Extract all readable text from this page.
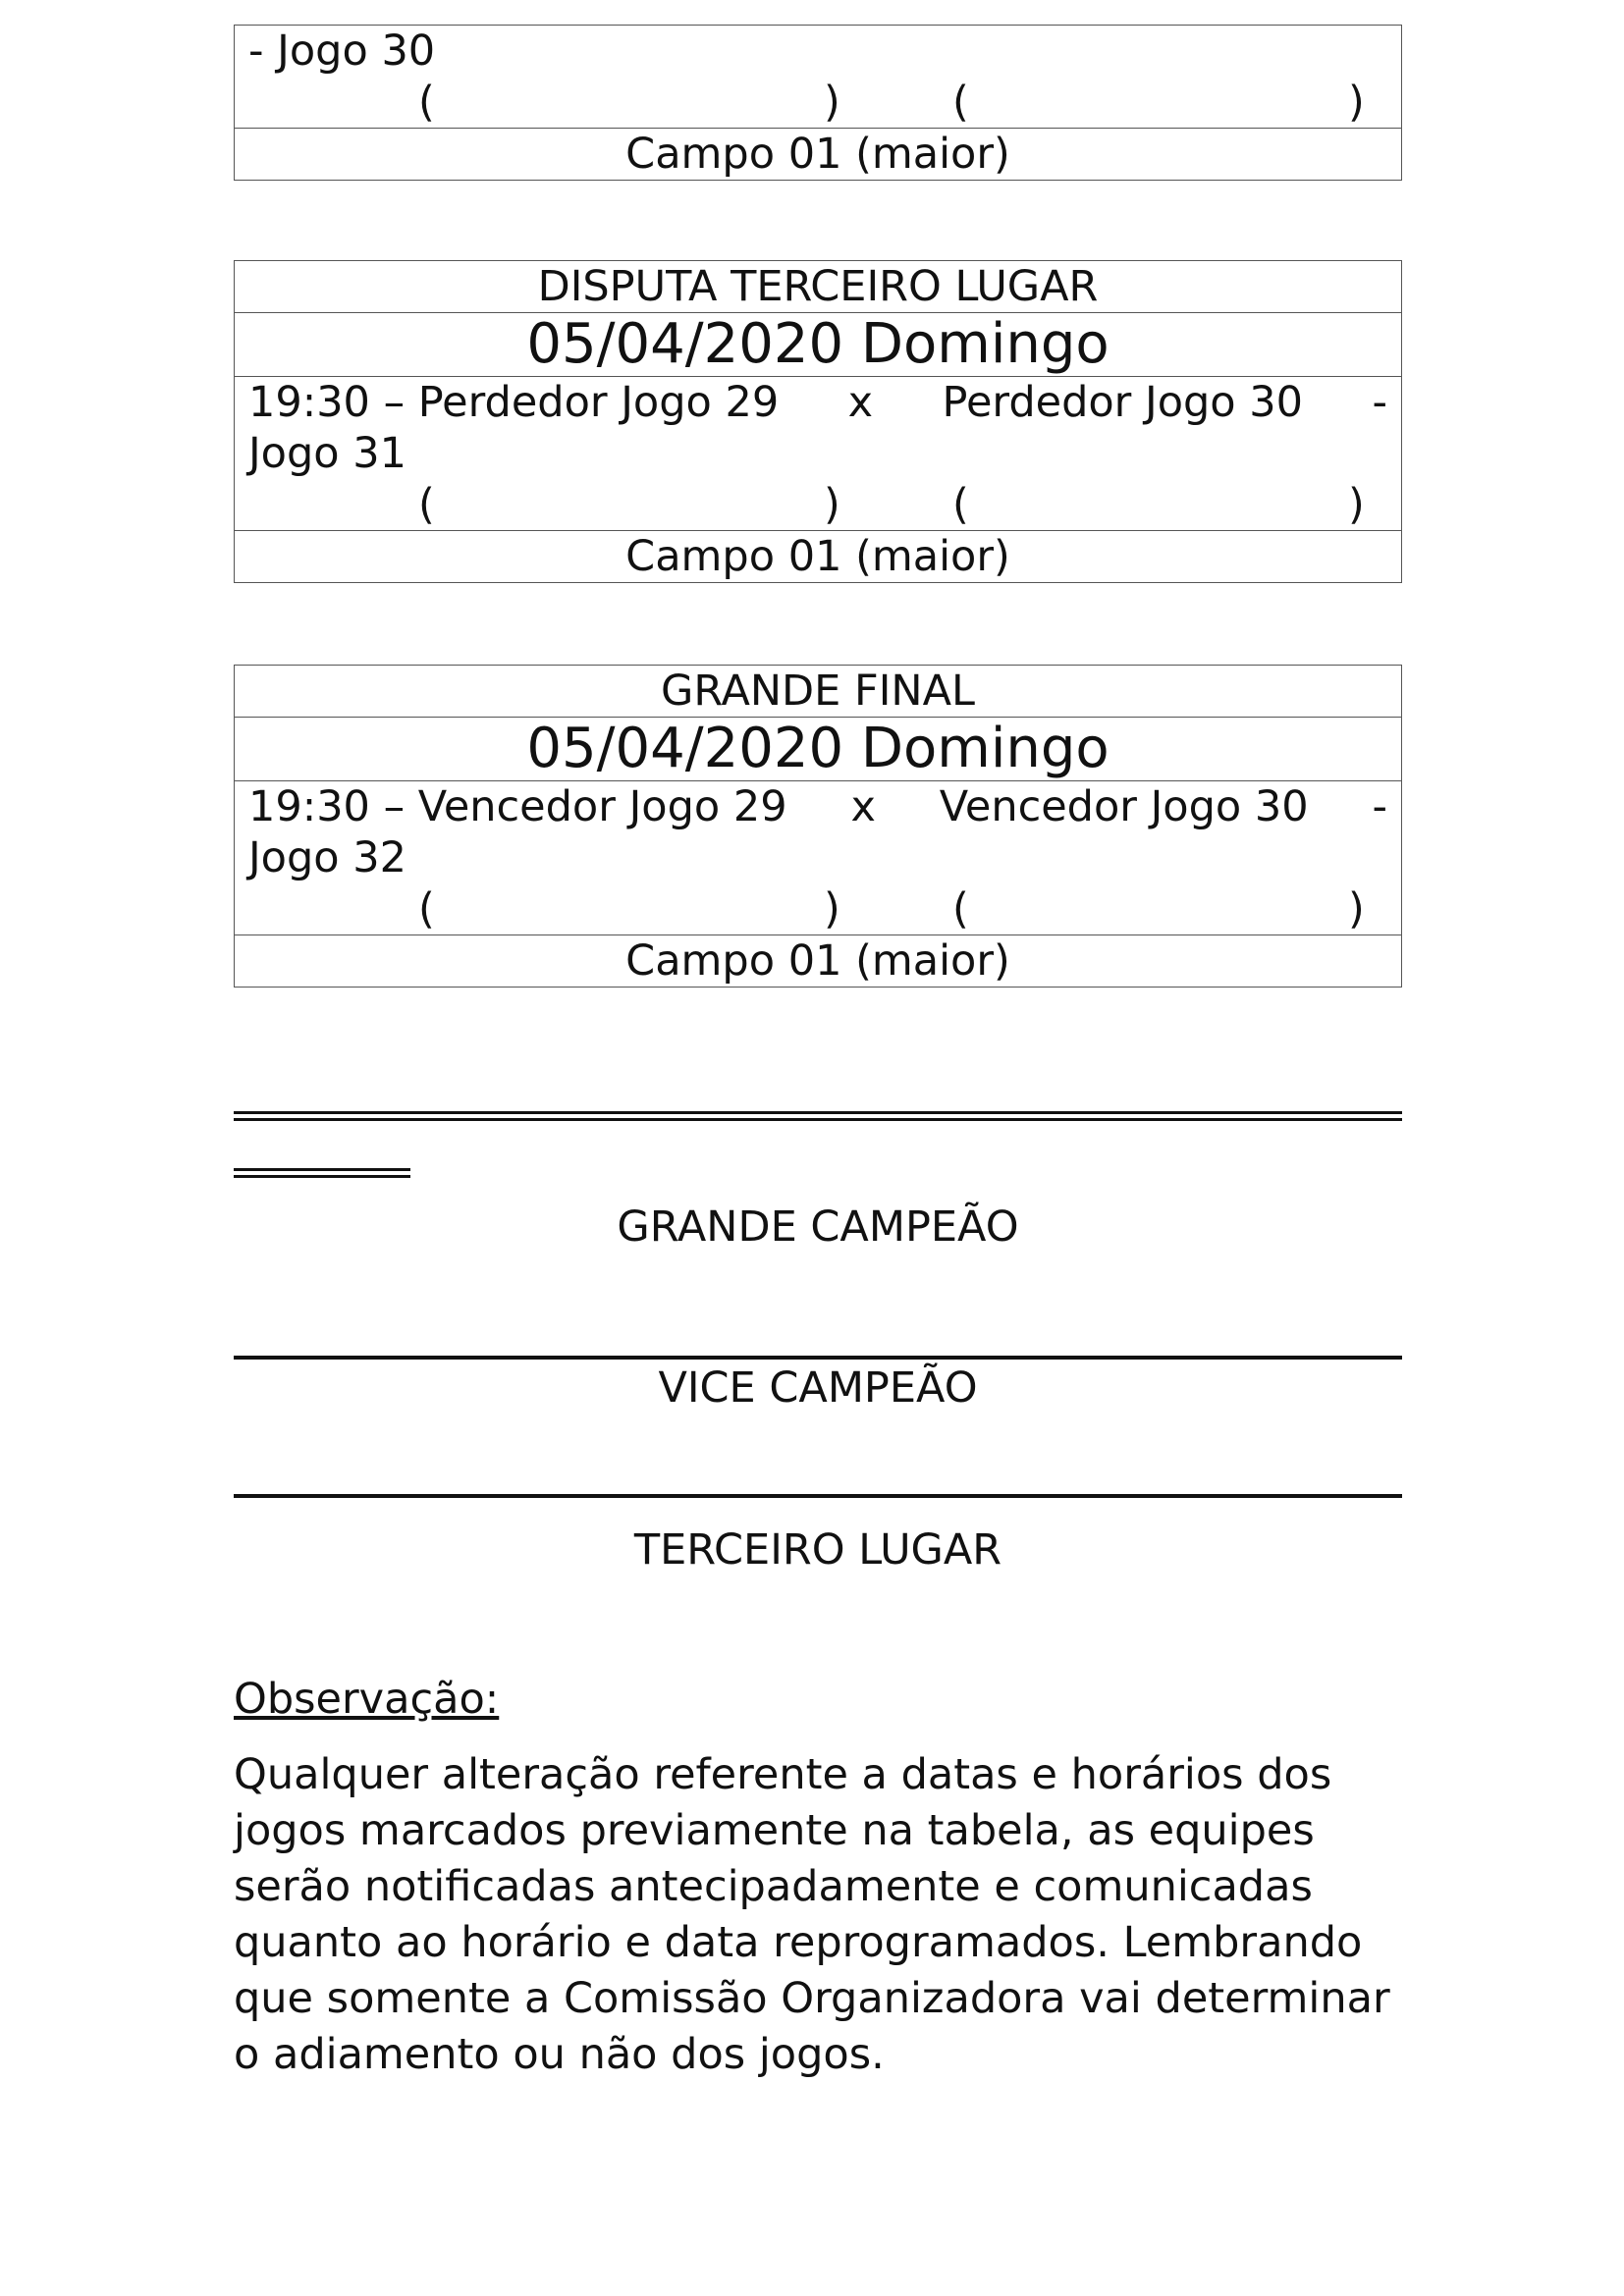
- Jogo 30
(	)	(	)

Campo 01 (maior)
DISPUTA TERCEIRO LUGAR
05/04/2020 Domingo

19:30 – Perdedor Jogo 29 x Perdedor Jogo 30 -
Jogo 31
(	)	(	)

Campo 01 (maior)
GRANDE FINAL
05/04/2020 Domingo

19:30 – Vencedor Jogo 29 x Vencedor Jogo 30 -
Jogo 32
(	)	(	)

Campo 01 (maior)
GRANDE CAMPEÃO
VICE CAMPEÃO
TERCEIRO LUGAR
Observação:
Qualquer alteração referente a datas e horários dos jogos marcados previamente na tabela, as equipes serão notificadas antecipadamente e comunicadas quanto ao horário e data reprogramados. Lembrando que somente a Comissão Organizadora vai determinar o adiamento ou não dos jogos.
